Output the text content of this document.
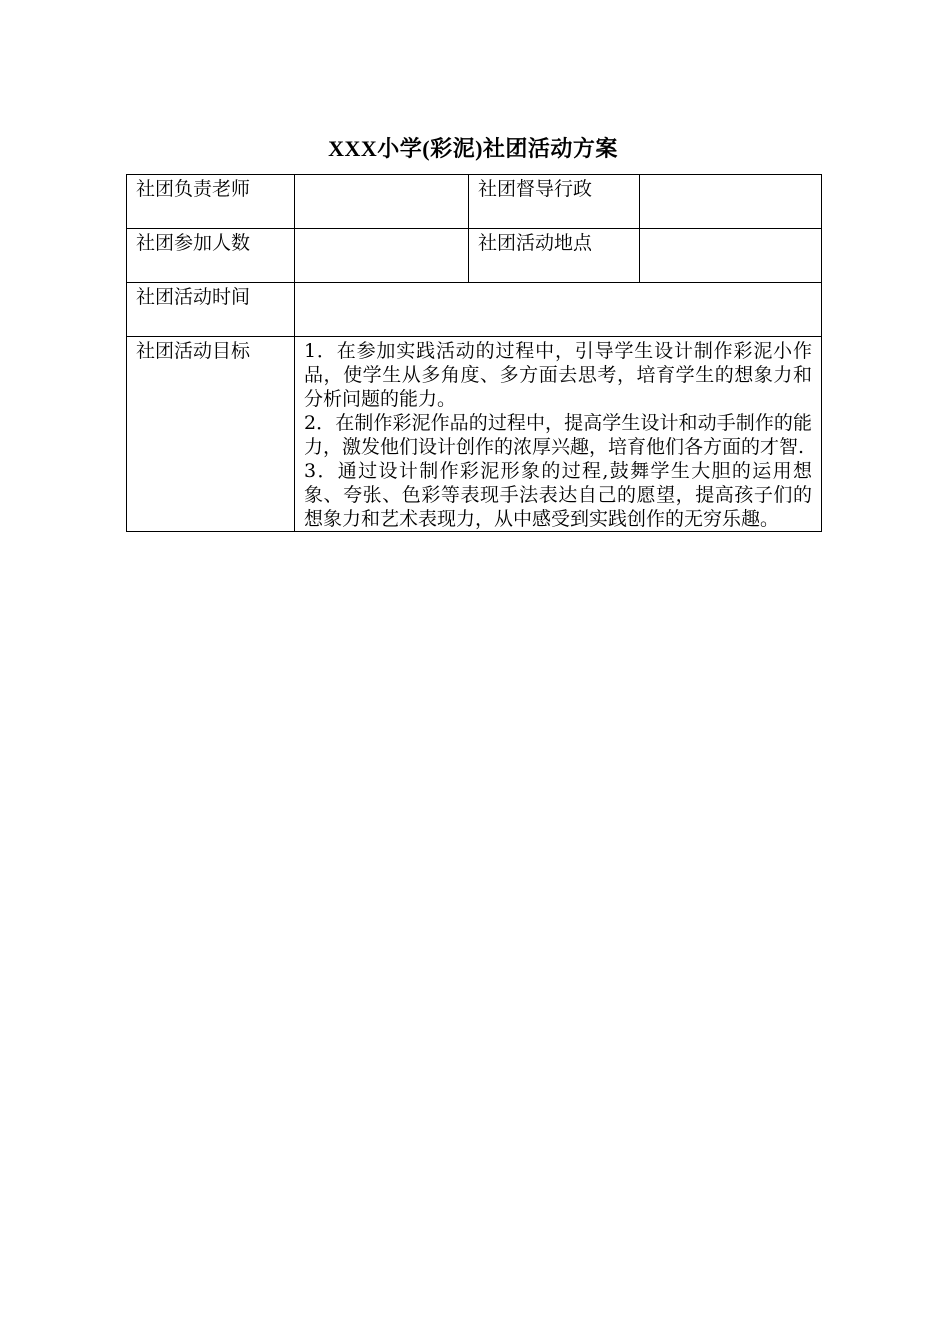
XXX小学(彩泥)社团活动方案
社团负责老师		社团督导行政	
社团参加人数		社团活动地点	
社团活动时间			
社团活动目标	1．在参加实践活动的过程中，引导学生设计制作彩泥小作品，使学生从多角度、多方面去思考，培育学生的想象力和分析问题的能力。

2．在制作彩泥作品的过程中，提高学生设计和动手制作的能力，激发他们设计创作的浓厚兴趣，培育他们各方面的才智.

3．通过设计制作彩泥形象的过程,鼓舞学生大胆的运用想象、夸张、色彩等表现手法表达自己的愿望，提高孩子们的想象力和艺术表现力，从中感受到实践创作的无穷乐趣。		
